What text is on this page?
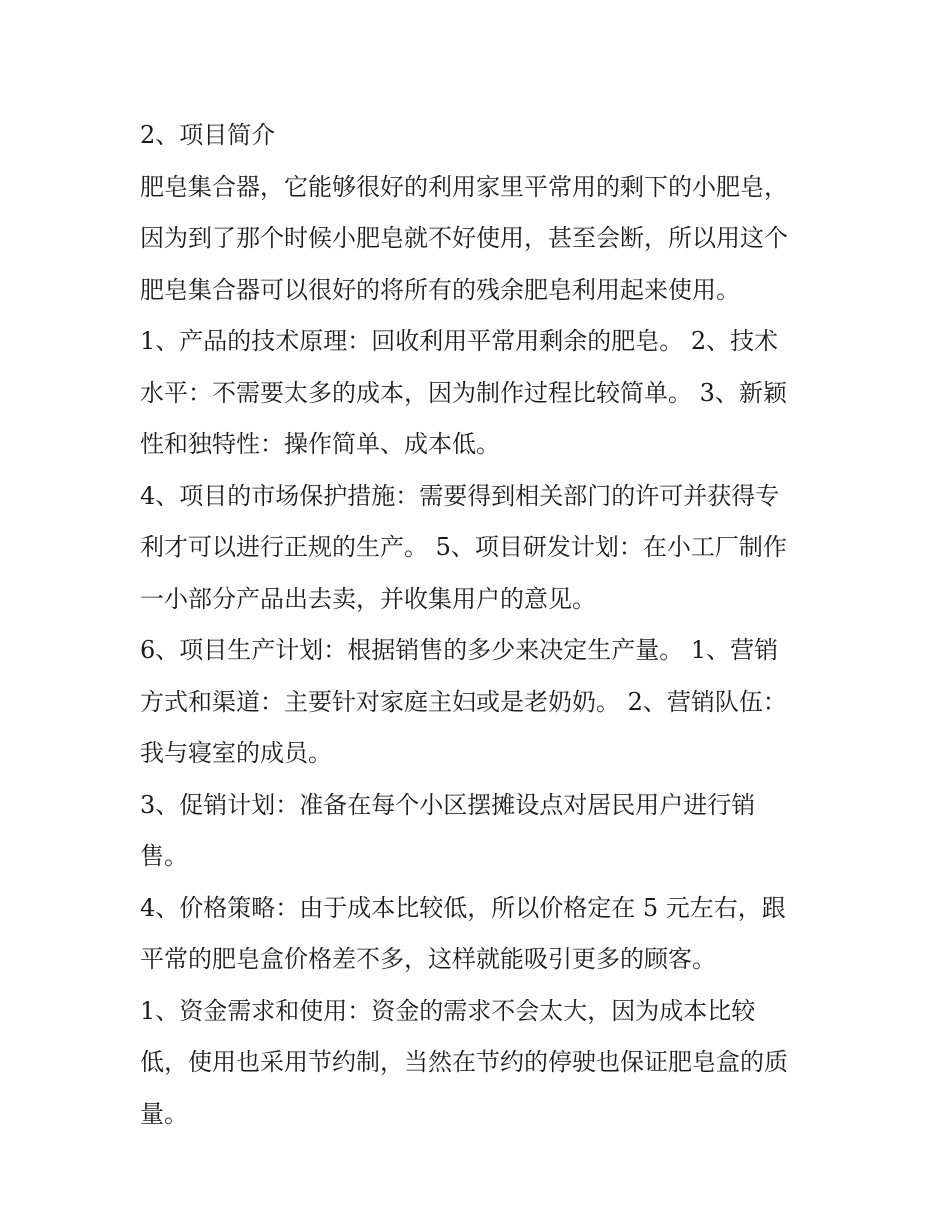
2、项目简介
肥皂集合器，它能够很好的利用家里平常用的剩下的小肥皂，
因为到了那个时候小肥皂就不好使用，甚至会断，所以用这个
肥皂集合器可以很好的将所有的残余肥皂利用起来使用。
1、产品的技术原理：回收利用平常用剩余的肥皂。 2、技术
水平：不需要太多的成本，因为制作过程比较简单。 3、新颖
性和独特性：操作简单、成本低。
4、项目的市场保护措施：需要得到相关部门的许可并获得专
利才可以进行正规的生产。 5、项目研发计划：在小工厂制作
一小部分产品出去卖，并收集用户的意见。
6、项目生产计划：根据销售的多少来决定生产量。 1、营销
方式和渠道：主要针对家庭主妇或是老奶奶。 2、营销队伍：
我与寝室的成员。
3、促销计划：准备在每个小区摆摊设点对居民用户进行销
售。
4、价格策略：由于成本比较低，所以价格定在 5 元左右，跟
平常的肥皂盒价格差不多，这样就能吸引更多的顾客。
1、资金需求和使用：资金的需求不会太大，因为成本比较
低，使用也采用节约制，当然在节约的停驶也保证肥皂盒的质
量。
